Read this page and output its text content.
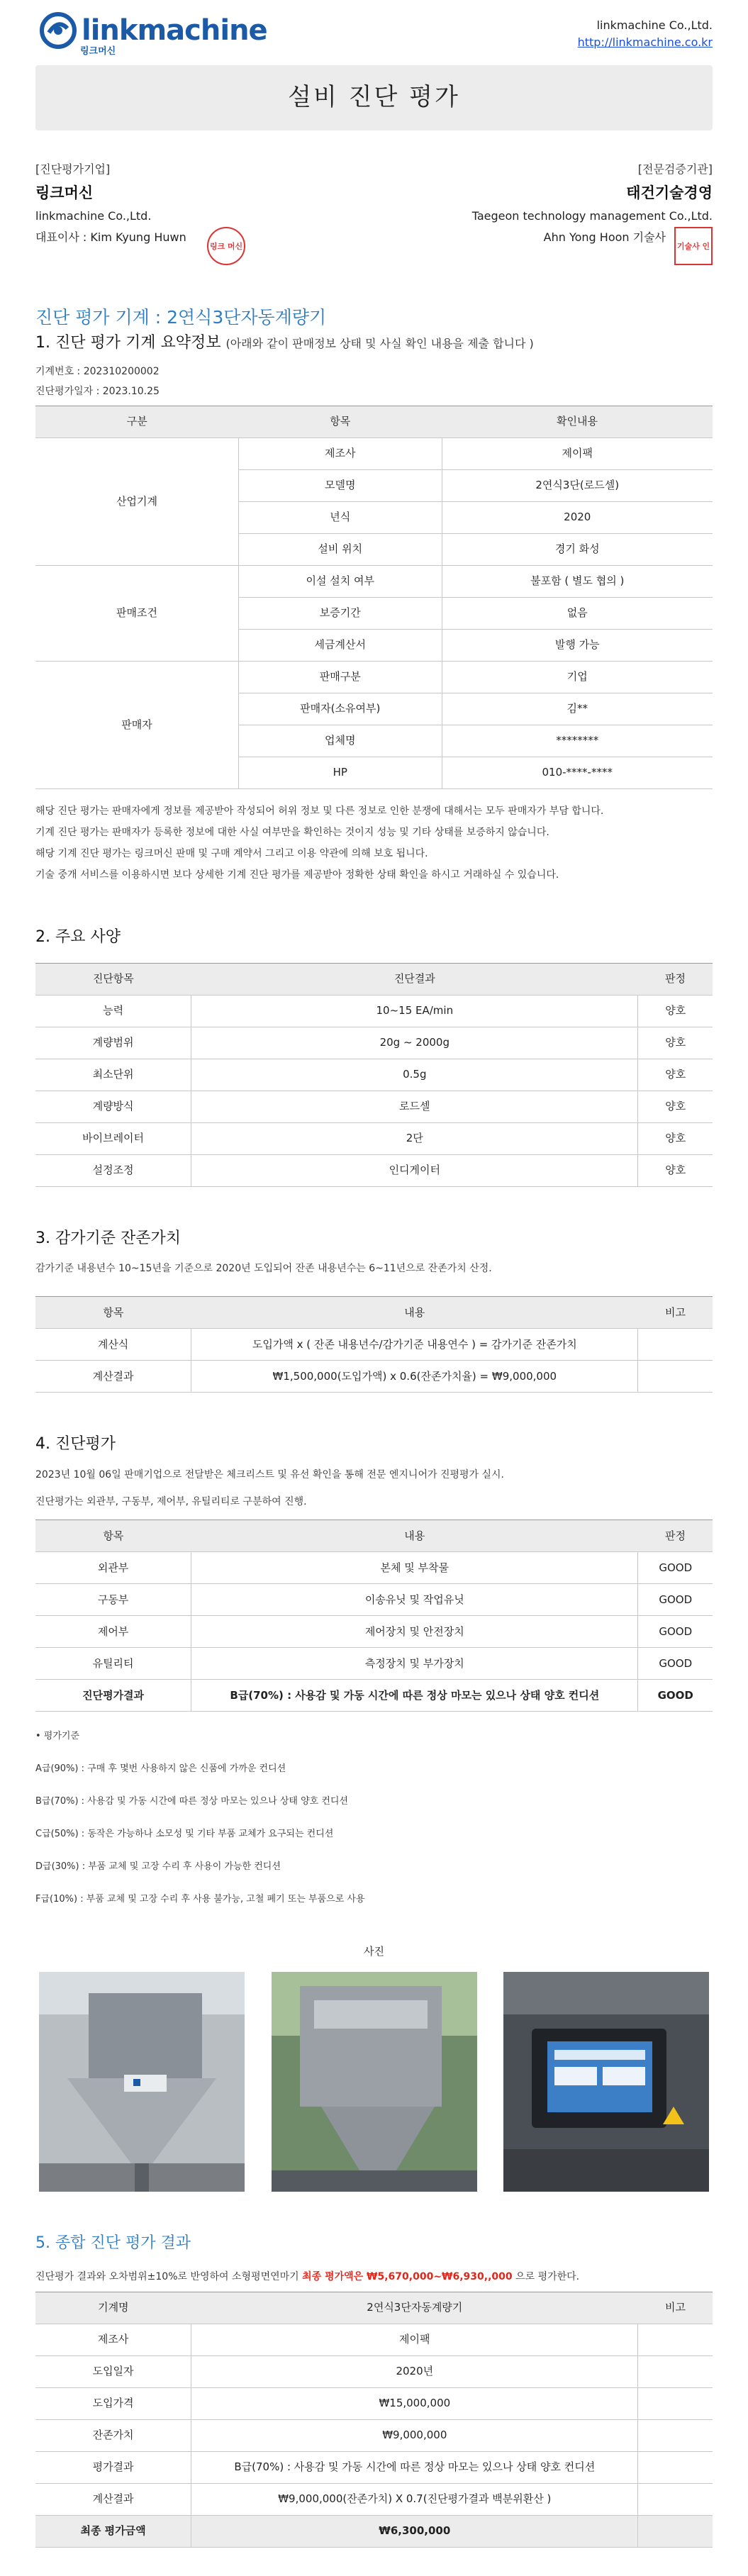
linkmachine
링크머신
linkmachine Co.,Ltd.
http://linkmachine.co.kr
설비 진단 평가
[진단평가기업]
링크머신
linkmachine Co.,Ltd.
대표이사 : Kim Kyung Huwn
링크 머신
[전문검증기관]
태건기술경영
Taegeon technology management Co.,Ltd.
Ahn Yong Hoon 기술사
기술사 인
진단 평가 기계 : 2연식3단자동계량기
1. 진단 평가 기계 요약정보 (아래와 같이 판매정보 상태 및 사실 확인 내용을 제출 합니다 )
기계번호 : 202310200002
진단평가일자 : 2023.10.25
구분	항목	확인내용
산업기계	제조사	제이팩
	모델명	2연식3단(로드셀)
	년식	2020
	설비 위치	경기 화성
판매조건	이설 설치 여부	불포함 ( 별도 협의 )
	보증기간	없음
	세금계산서	발행 가능
판매자	판매구분	기업
	판매자(소유여부)	김**
	업체명	********
	HP	010-****-****
해당 진단 평가는 판매자에게 정보를 제공받아 작성되어 허위 정보 및 다른 정보로 인한 분쟁에 대해서는 모두 판매자가 부담 합니다.
기계 진단 평가는 판매자가 등록한 정보에 대한 사실 여부만을 확인하는 것이지 성능 및 기타 상태를 보증하지 않습니다.
해당 기계 진단 평가는 링크머신 판매 및 구매 계약서 그리고 이용 약관에 의해 보호 됩니다.
기술 중개 서비스를 이용하시면 보다 상세한 기계 진단 평가를 제공받아 정확한 상태 확인을 하시고 거래하실 수 있습니다.
2. 주요 사양
진단항목	진단결과	판정
능력	10~15 EA/min	양호
계량범위	20g ~ 2000g	양호
최소단위	0.5g	양호
계량방식	로드셀	양호
바이브레이터	2단	양호
설정조정	인디게이터	양호
3. 감가기준 잔존가치
감가기준 내용년수 10~15년을 기준으로 2020년 도입되어 잔존 내용년수는 6~11년으로 잔존가치 산정.
항목	내용	비고
계산식	도입가액 x ( 잔존 내용년수/감가기준 내용연수 ) = 감가기준 잔존가치	
계산결과	₩1,500,000(도입가액) x 0.6(잔존가치율) = ₩9,000,000	
4. 진단평가
2023년 10월 06일 판매기업으로 전달받은 체크리스트 및 유선 확인을 통해 전문 엔지니어가 진평평가 실시.
진단평가는 외관부, 구동부, 제어부, 유틸리티로 구분하여 진행.
항목	내용	판정
외관부	본체 및 부착물	GOOD
구동부	이송유닛 및 작업유닛	GOOD
제어부	제어장치 및 안전장치	GOOD
유틸리티	측정장치 및 부가장치	GOOD
진단평가결과	B급(70%) : 사용감 및 가동 시간에 따른 정상 마모는 있으나 상태 양호 컨디션	GOOD
• 평가기준
A급(90%) : 구매 후 몇번 사용하지 않은 신품에 가까운 컨디션
B급(70%) : 사용감 및 가동 시간에 따른 정상 마모는 있으나 상태 양호 컨디션
C급(50%) : 동작은 가능하나 소모성 및 기타 부품 교체가 요구되는 컨디션
D급(30%) : 부품 교체 및 고장 수리 후 사용이 가능한 컨디션
F급(10%) : 부품 교체 및 고장 수리 후 사용 불가능, 고철 폐기 또는 부품으로 사용
사진
5. 종합 진단 평가 결과
진단평가 결과와 오차범위±10%로 반영하여 소형평면연마기 최종 평가액은 ₩5,670,000~₩6,930,,000 으로 평가한다.
기계명	2연식3단자동계량기	비고
제조사	제이팩	
도입일자	2020년	
도입가격	₩15,000,000	
잔존가치	₩9,000,000	
평가결과	B급(70%) : 사용감 및 가동 시간에 따른 정상 마모는 있으나 상태 양호 컨디션	
계산결과	₩9,000,000(잔존가치) X 0.7(진단평가결과 백분위환산 )	
최종 평가금액	₩6,300,000	
